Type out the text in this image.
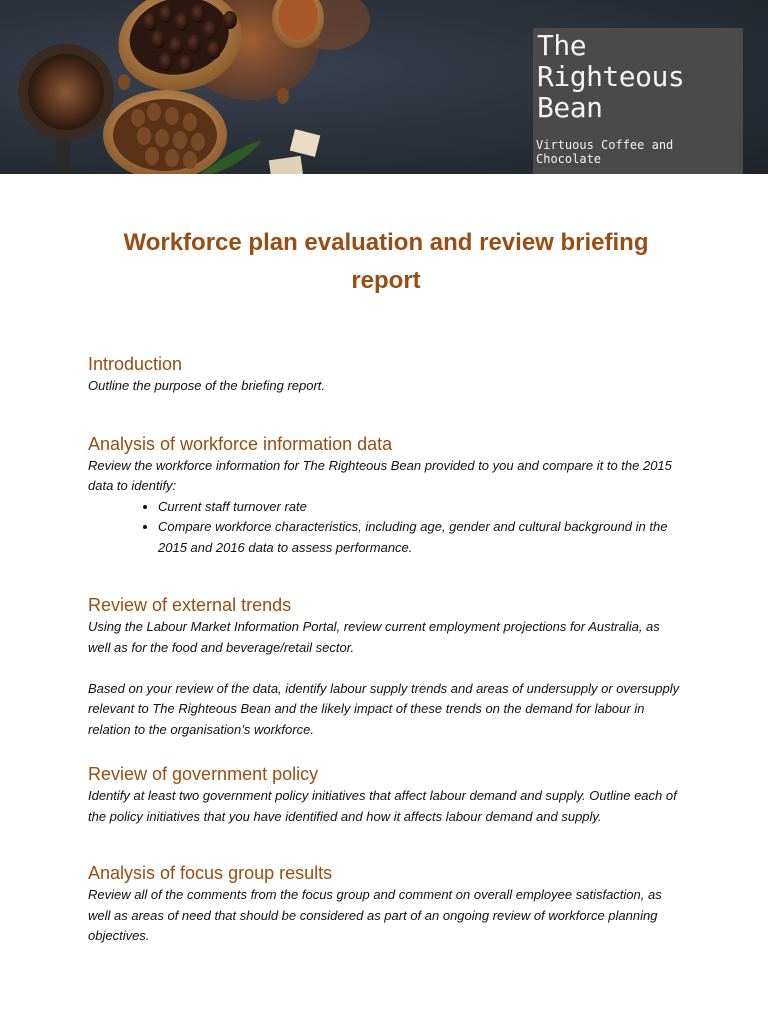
The
Righteous
Bean
Virtuous Coffee and
Chocolate
Workforce plan evaluation and review briefing report
Introduction

Outline the purpose of the briefing report.

Analysis of workforce information data

Review the workforce information for The Righteous Bean provided to you and compare it to the 2015 data to identify:

• Current staff turnover rate
• Compare workforce characteristics, including age, gender and cultural background in the 2015 and 2016 data to assess performance.
Review of external trends

Using the Labour Market Information Portal, review current employment projections for Australia, as well as for the food and beverage/retail sector.

Based on your review of the data, identify labour supply trends and areas of undersupply or oversupply relevant to The Righteous Bean and the likely impact of these trends on the demand for labour in relation to the organisation’s workforce.

Review of government policy

Identify at least two government policy initiatives that affect labour demand and supply. Outline each of the policy initiatives that you have identified and how it affects labour demand and supply.

Analysis of focus group results

Review all of the comments from the focus group and comment on overall employee satisfaction, as well as areas of need that should be considered as part of an ongoing review of workforce planning objectives.
